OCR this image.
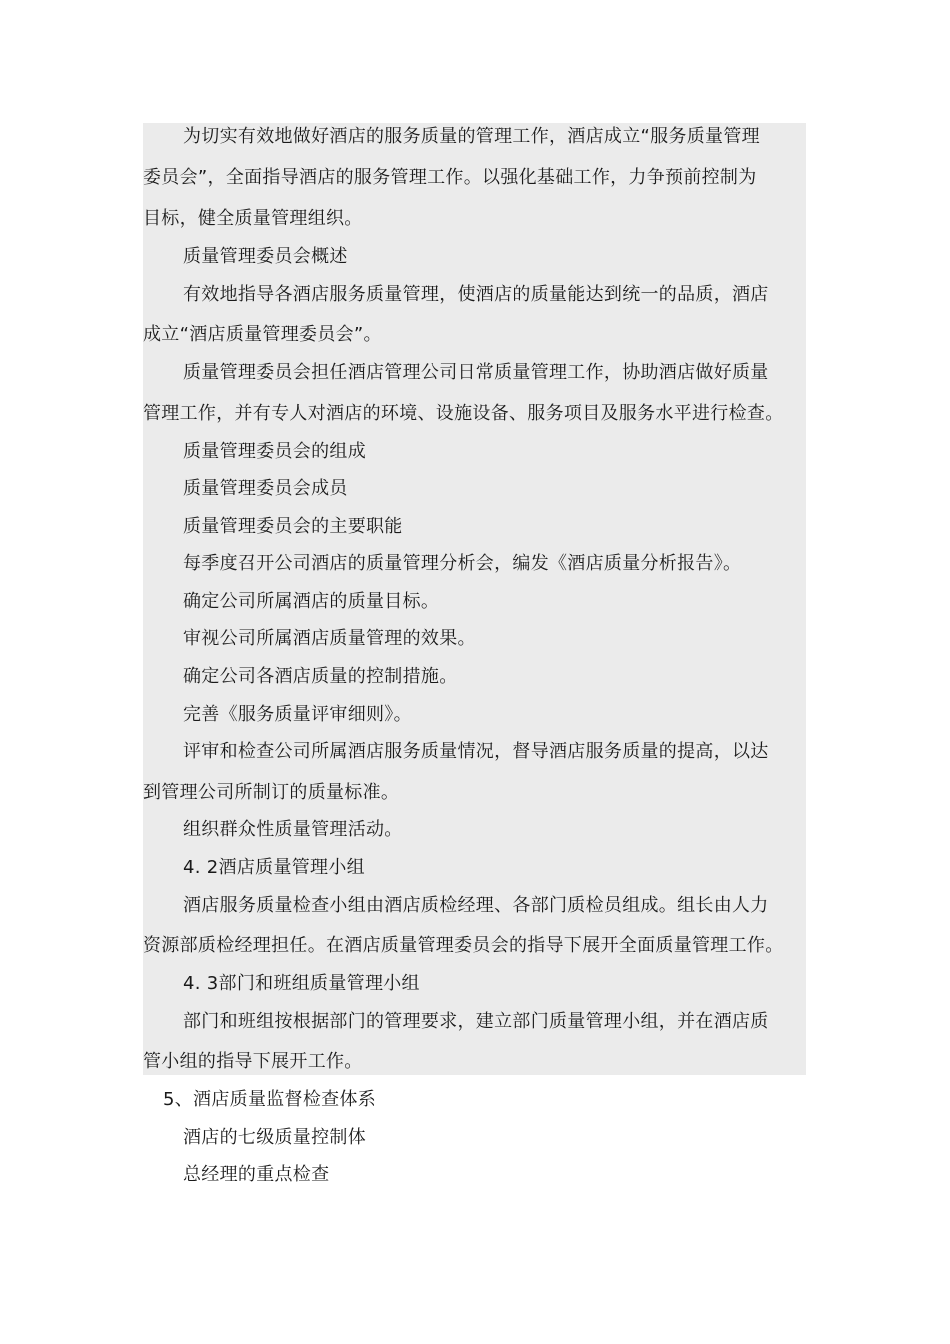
为切实有效地做好酒店的服务质量的管理工作，酒店成立“服务质量管理
委员会”，全面指导酒店的服务管理工作。以强化基础工作，力争预前控制为
目标，健全质量管理组织。
质量管理委员会概述
有效地指导各酒店服务质量管理，使酒店的质量能达到统一的品质，酒店
成立“酒店质量管理委员会”。
质量管理委员会担任酒店管理公司日常质量管理工作，协助酒店做好质量
管理工作，并有专人对酒店的环境、设施设备、服务项目及服务水平进行检查。
质量管理委员会的组成
质量管理委员会成员
质量管理委员会的主要职能
每季度召开公司酒店的质量管理分析会，编发《酒店质量分析报告》。
确定公司所属酒店的质量目标。
审视公司所属酒店质量管理的效果。
确定公司各酒店质量的控制措施。
完善《服务质量评审细则》。
评审和检查公司所属酒店服务质量情况，督导酒店服务质量的提高，以达
到管理公司所制订的质量标准。
组织群众性质量管理活动。
4. 2酒店质量管理小组
酒店服务质量检查小组由酒店质检经理、各部门质检员组成。组长由人力
资源部质检经理担任。在酒店质量管理委员会的指导下展开全面质量管理工作。
4. 3部门和班组质量管理小组
部门和班组按根据部门的管理要求，建立部门质量管理小组，并在酒店质
管小组的指导下展开工作。
5、酒店质量监督检查体系
酒店的七级质量控制体
总经理的重点检查
